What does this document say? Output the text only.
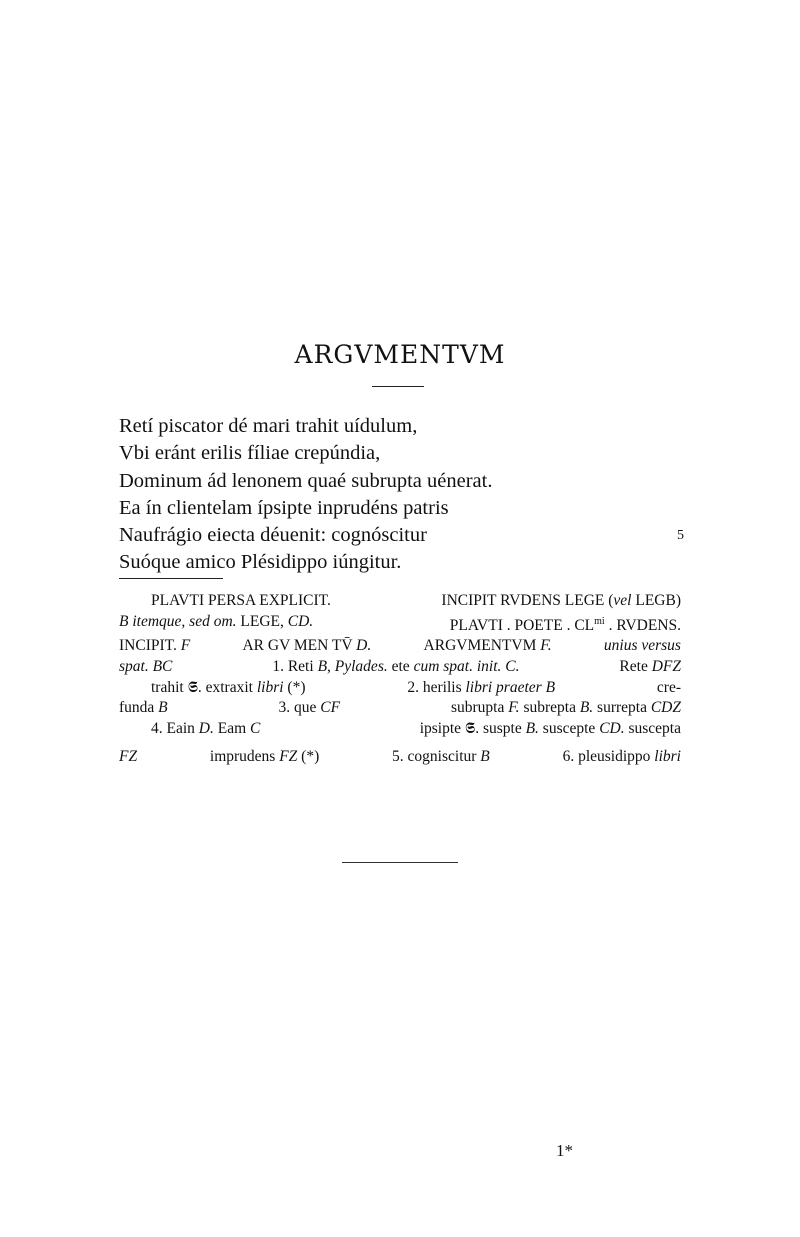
ARGVMENTVM
Retí piscator dé mari trahit uídulum,
Vbi eránt erilis fíliae crepúndia,
Dominum ád lenonem quaé subrupta uénerat.
Ea ín clientelam ípsipte inprudéns patris
Naufrágio eiecta déuenit: cognóscitur	5
Suóque amico Plésidippo iúngitur.
PLAVTI PERSA EXPLICIT.	INCIPIT RVDENS LEGE (vel LEGB)
B itemque, sed om. LEGE, CD.	PLAVTI . POETE . $CL^{mi}$ . RVDENS.
INCIPIT. F	AR GV MEN TV̄ D.	ARGVMENTVM F.	unius versus
spat. BC	1. Reti B, Pylades. ete cum spat. init. C.	Rete DFZ
trahit 𝕾. extraxit libri (*)	2. herilis libri praeter B	cre-
funda B	3. que CF	subrupta F. subrepta B. surrepta CDZ
4. Eain D. Eam C	ipsipte 𝕾. suspte B. suscepte CD. suscepta
FZ	imprudens FZ (*)	5. cogniscitur B	6. pleusidippo libri
1*
